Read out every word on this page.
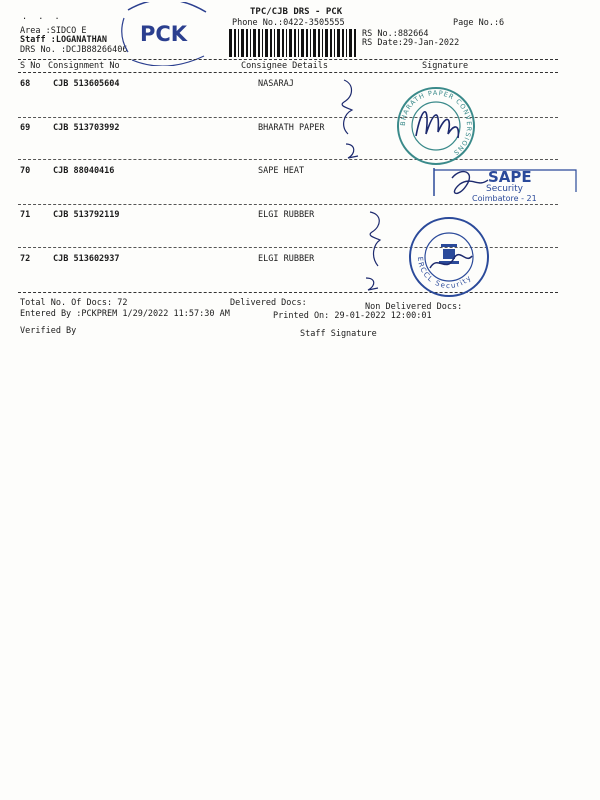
. . .
Area :SIDCO E
Staff :LOGANATHAN
DRS No. :DCJB88266406
PCK
TPC/CJB DRS - PCK
Phone No.:0422-3505555	Page No.:6
RS No.:882664
RS Date:29-Jan-2022
S No Consignment No	Consignee Details	Signature
68	CJB 513605604	NASARAJ
69	CJB 513703992	BHARATH PAPER
70	CJB 88040416	SAPE HEAT
71	CJB 513792119	ELGI RUBBER
72	CJB 513602937	ELGI RUBBER
BHARATH PAPER CONVERSIONS
SAPE
Security
Coimbatore - 21
ERCCL Security
Total No. Of Docs: 72	Delivered Docs:	Non Delivered Docs:
Entered By :PCKPREM 1/29/2022 11:57:30 AM	Printed On: 29-01-2022 12:00:01
Verified By	Staff Signature
